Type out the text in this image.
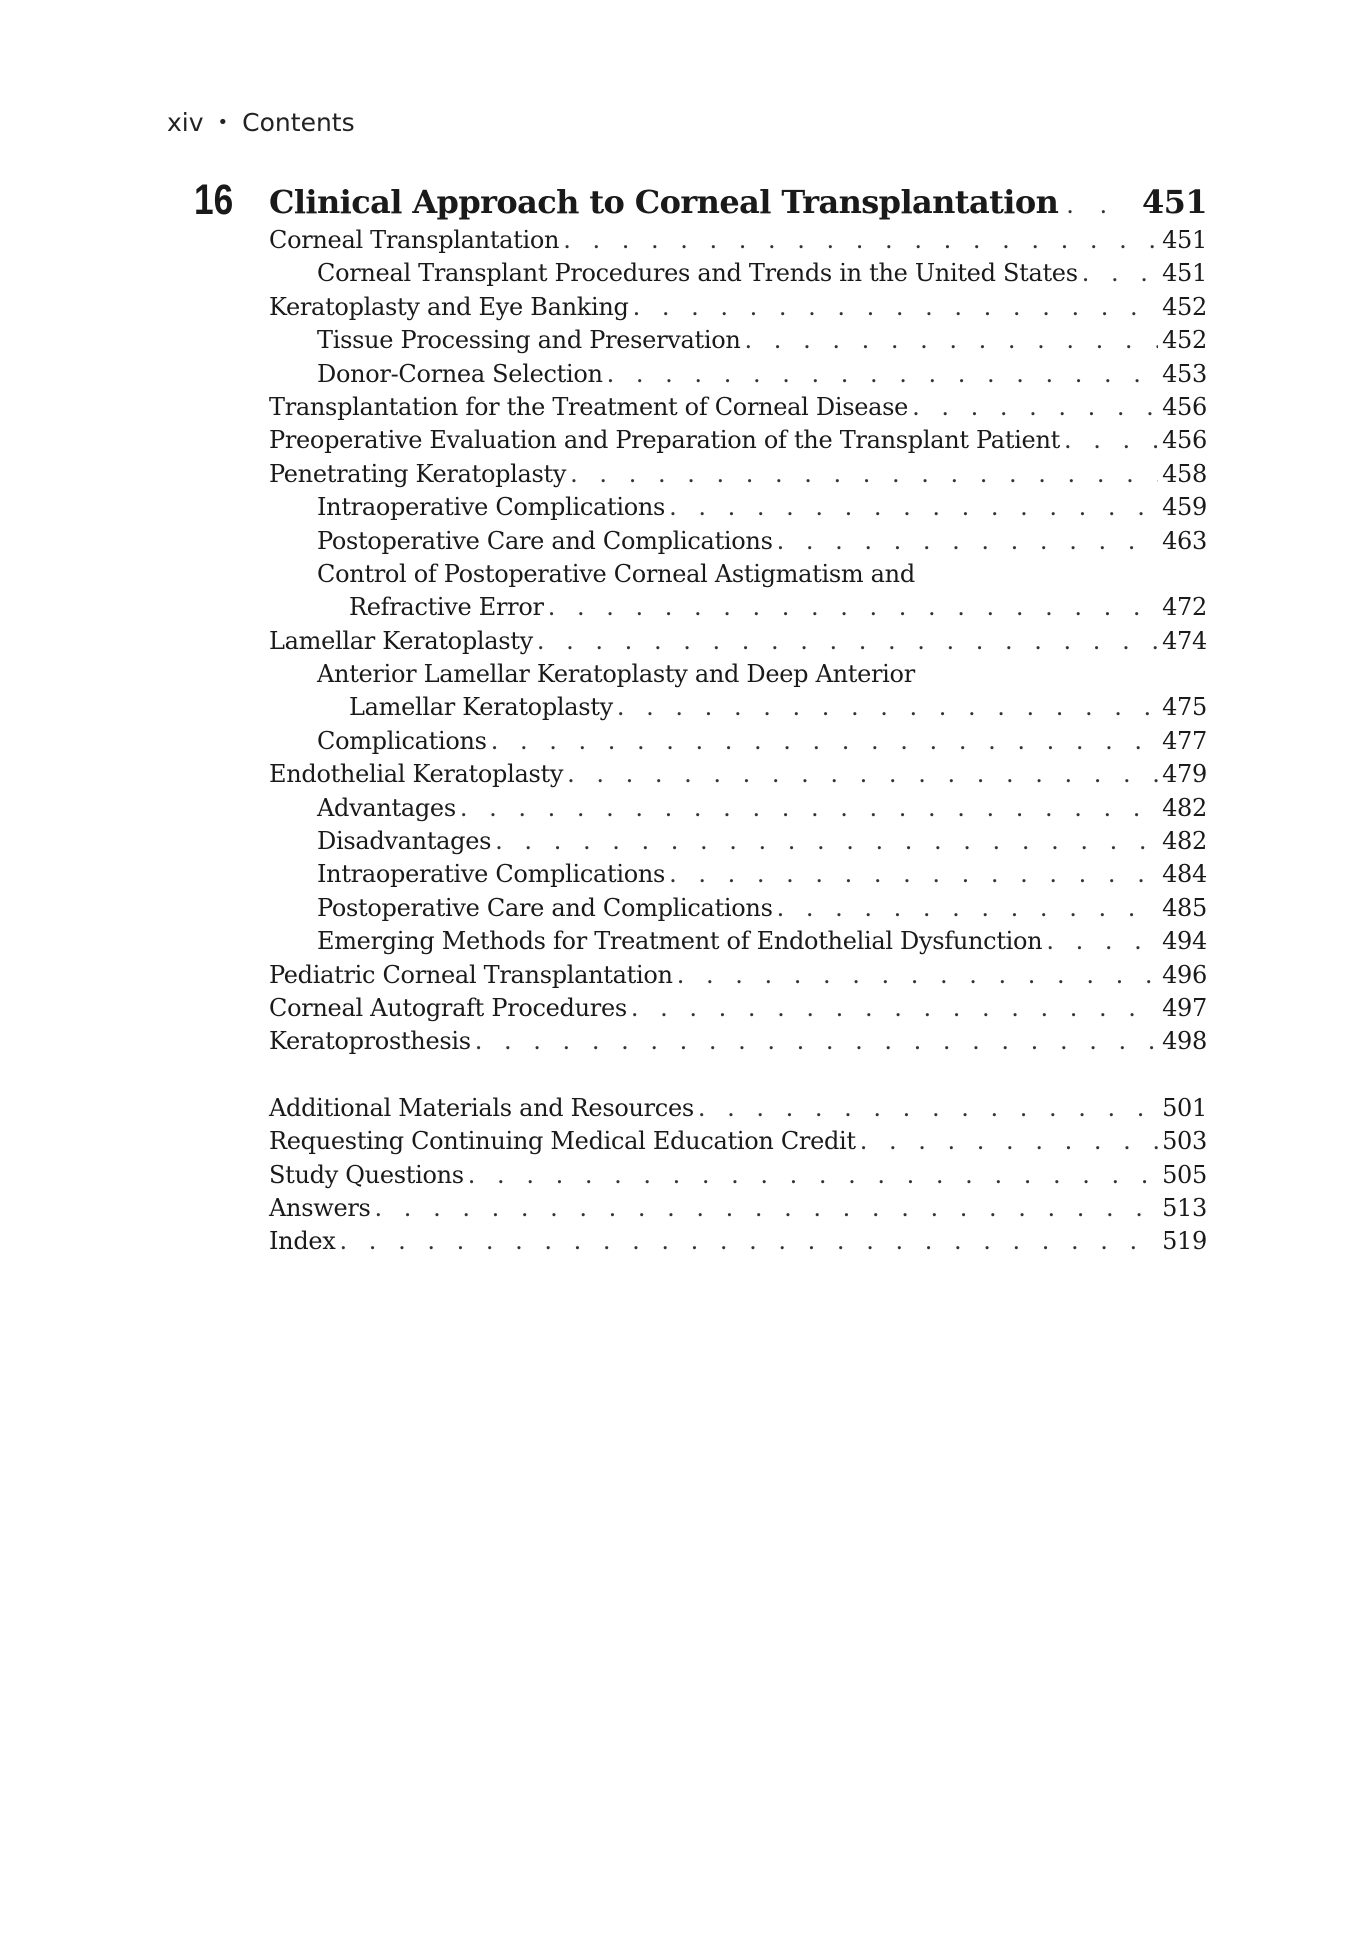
xiv • Contents
16 Clinical Approach to Corneal Transplantation . . .	451
Corneal Transplantation . . .	451
Corneal Transplant Procedures and Trends in the United States . . .	451
Keratoplasty and Eye Banking . . .	452
Tissue Processing and Preservation . . .	452
Donor-Cornea Selection . . .	453
Transplantation for the Treatment of Corneal Disease . . .	456
Preoperative Evaluation and Preparation of the Transplant Patient . . .	456
Penetrating Keratoplasty . . .	458
Intraoperative Complications . . .	459
Postoperative Care and Complications . . .	463
Control of Postoperative Corneal Astigmatism and
Refractive Error . . .	472
Lamellar Keratoplasty . . .	474
Anterior Lamellar Keratoplasty and Deep Anterior
Lamellar Keratoplasty . . .	475
Complications . . .	477
Endothelial Keratoplasty . . .	479
Advantages . . .	482
Disadvantages . . .	482
Intraoperative Complications . . .	484
Postoperative Care and Complications . . .	485
Emerging Methods for Treatment of Endothelial Dysfunction . . .	494
Pediatric Corneal Transplantation . . .	496
Corneal Autograft Procedures . . .	497
Keratoprosthesis . . .	498
Additional Materials and Resources . . .	501
Requesting Continuing Medical Education Credit . . .	503
Study Questions . . .	505
Answers . . .	513
Index . . .	519
